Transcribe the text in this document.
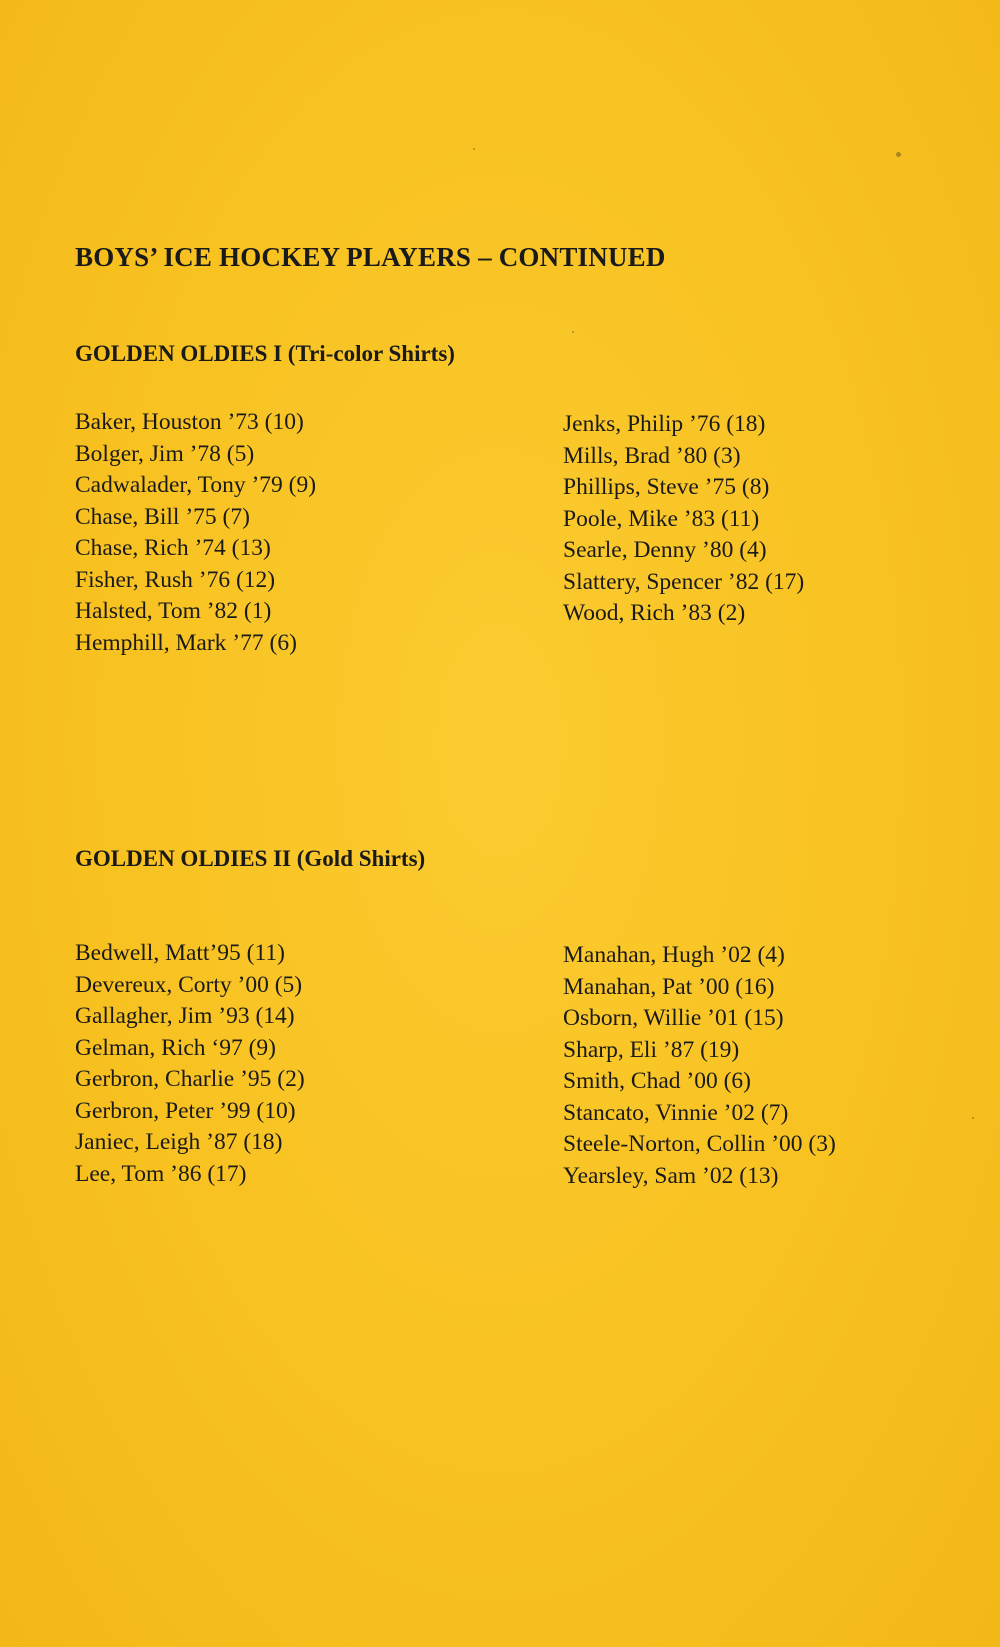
BOYS’ ICE HOCKEY PLAYERS – CONTINUED
GOLDEN OLDIES I (Tri-color Shirts)
Baker, Houston ’73 (10)
Bolger, Jim ’78 (5)
Cadwalader, Tony ’79 (9)
Chase, Bill ’75 (7)
Chase, Rich ’74 (13)
Fisher, Rush ’76 (12)
Halsted, Tom ’82 (1)
Hemphill, Mark ’77 (6)
Jenks, Philip ’76 (18)
Mills, Brad ’80 (3)
Phillips, Steve ’75 (8)
Poole, Mike ’83 (11)
Searle, Denny ’80 (4)
Slattery, Spencer ’82 (17)
Wood, Rich ’83 (2)
GOLDEN OLDIES II (Gold Shirts)
Bedwell, Matt’95 (11)
Devereux, Corty ’00 (5)
Gallagher, Jim ’93 (14)
Gelman, Rich ‘97 (9)
Gerbron, Charlie ’95 (2)
Gerbron, Peter ’99 (10)
Janiec, Leigh ’87 (18)
Lee, Tom ’86 (17)
Manahan, Hugh ’02 (4)
Manahan, Pat ’00 (16)
Osborn, Willie ’01 (15)
Sharp, Eli ’87 (19)
Smith, Chad ’00 (6)
Stancato, Vinnie ’02 (7)
Steele-Norton, Collin ’00 (3)
Yearsley, Sam ’02 (13)
